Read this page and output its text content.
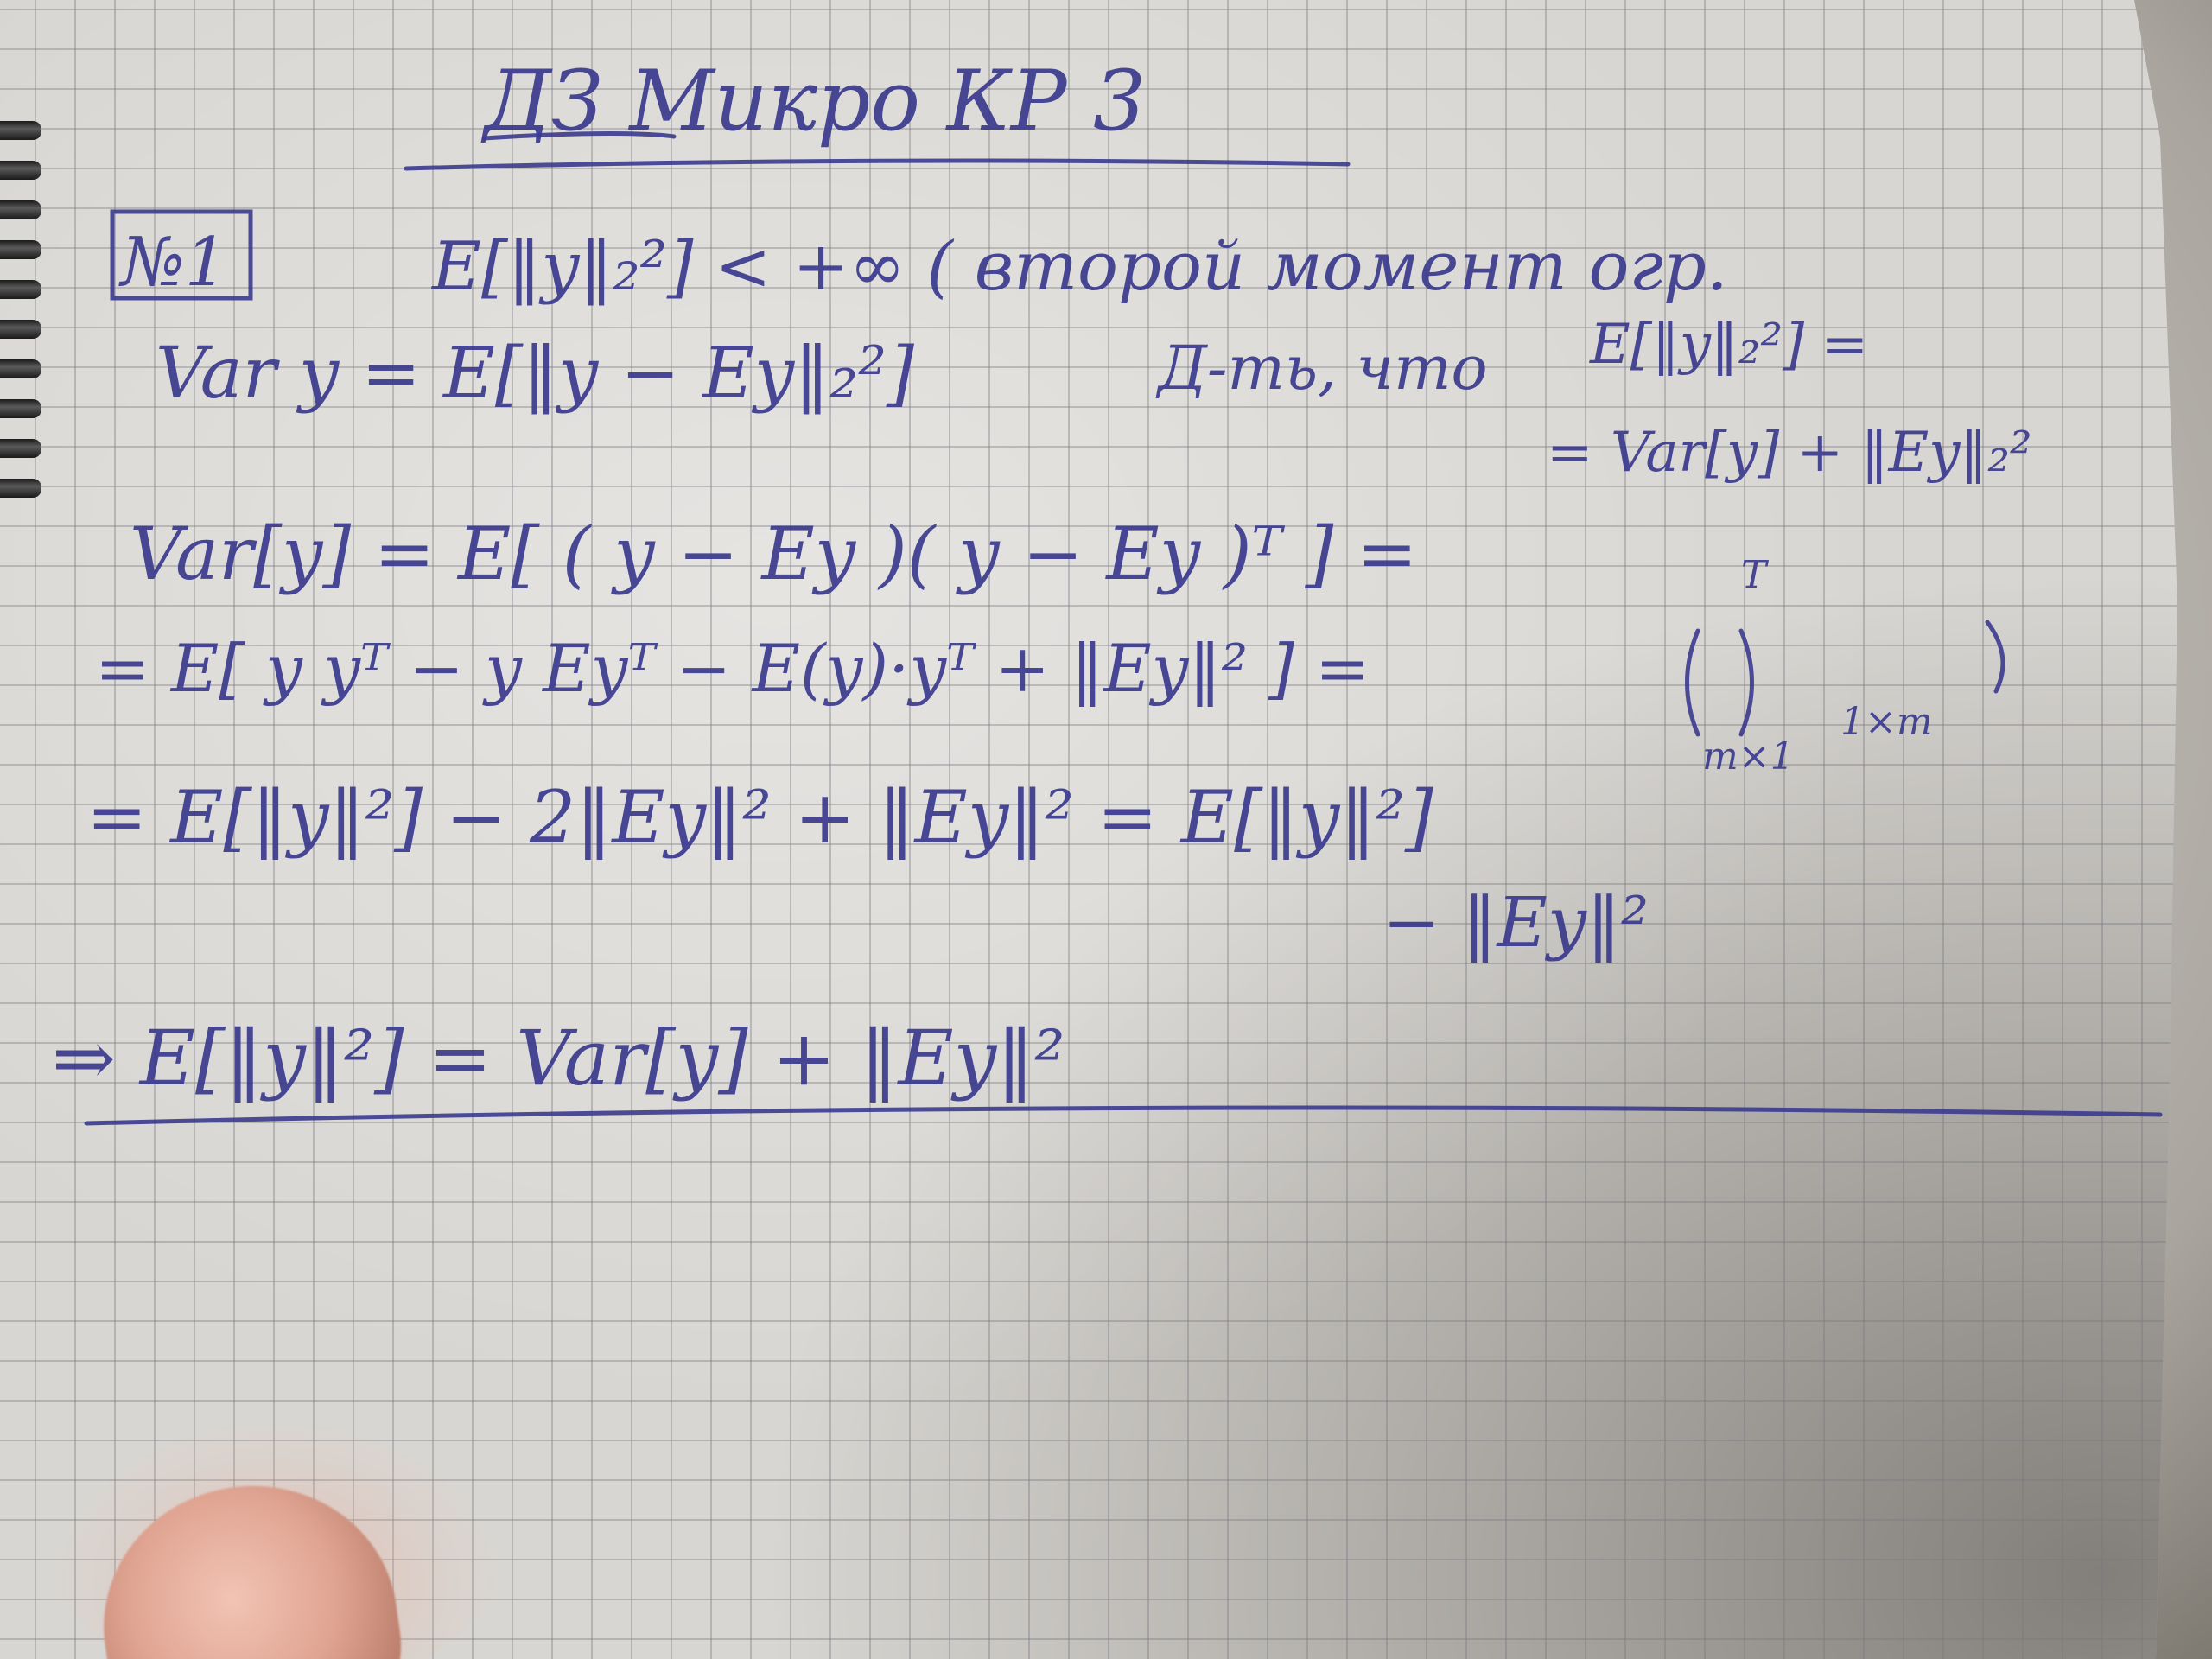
ДЗ Микро КР 3
№1	E[‖y‖₂²] < +∞ ( второй момент огр.
Var y = E[‖y − Ey‖₂²]	Д-ть, что E[‖y‖₂²] =
= Var[y] + ‖Ey‖₂²
Var[y] = E[ ( y − Ey )( y − Ey )ᵀ ] =
= E[ y yᵀ − y Eyᵀ − E(y)·yᵀ + ‖Ey‖² ] =
T
m×1
1×m
= E[‖y‖²] − 2‖Ey‖² + ‖Ey‖² = E[‖y‖²]
− ‖Ey‖²
⇒ E[‖y‖²] = Var[y] + ‖Ey‖²
